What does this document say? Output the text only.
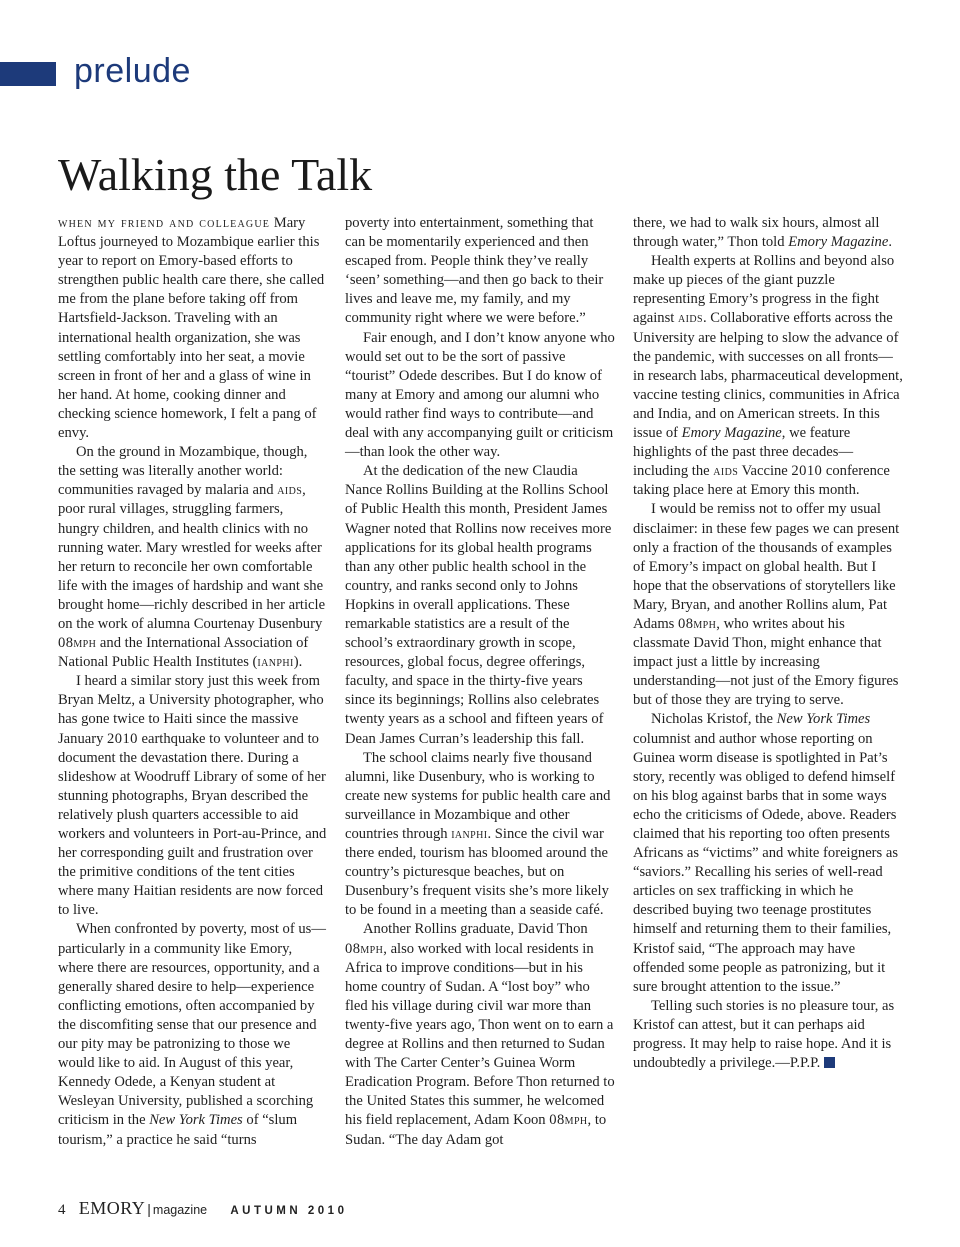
prelude
Walking the Talk

when my friend and colleague Mary Loftus journeyed to Mozambique earlier this year to report on Emory-based efforts to strengthen public health care there, she called me from the plane before taking off from Hartsfield-Jackson. Traveling with an international health organization, she was settling comfortably into her seat, a movie screen in front of her and a glass of wine in her hand. At home, cooking dinner and checking science homework, I felt a pang of envy.

On the ground in Mozambique, though, the setting was literally another world: communities ravaged by malaria and aids, poor rural villages, struggling farmers, hungry children, and health clinics with no running water. Mary wrestled for weeks after her return to reconcile her own comfortable life with the images of hardship and want she brought home—richly described in her article on the work of alumna Courtenay Dusenbury 08mph and the International Association of National Public Health Institutes (ianphi).

I heard a similar story just this week from Bryan Meltz, a University photographer, who has gone twice to Haiti since the massive January 2010 earthquake to volunteer and to document the devastation there. During a slideshow at Woodruff Library of some of her stunning photographs, Bryan described the relatively plush quarters accessible to aid workers and volunteers in Port-au-Prince, and her corresponding guilt and frustration over the primitive conditions of the tent cities where many Haitian residents are now forced to live.

When confronted by poverty, most of us—particularly in a community like Emory, where there are resources, opportunity, and a generally shared desire to help—experience conflicting emotions, often accompanied by the discomfiting sense that our presence and our pity may be patronizing to those we would like to aid. In August of this year, Kennedy Odede, a Kenyan student at Wesleyan University, published a scorching criticism in the New York Times of “slum tourism,” a practice he said “turns

poverty into entertainment, something that can be momentarily experienced and then escaped from. People think they’ve really ‘seen’ something—and then go back to their lives and leave me, my family, and my community right where we were before.”

Fair enough, and I don’t know anyone who would set out to be the sort of passive “tourist” Odede describes. But I do know of many at Emory and among our alumni who would rather find ways to contribute—and deal with any accompanying guilt or criticism—than look the other way.

At the dedication of the new Claudia Nance Rollins Building at the Rollins School of Public Health this month, President James Wagner noted that Rollins now receives more applications for its global health programs than any other public health school in the country, and ranks second only to Johns Hopkins in overall applications. These remarkable statistics are a result of the school’s extraordinary growth in scope, resources, global focus, degree offerings, faculty, and space in the thirty-five years since its beginnings; Rollins also celebrates twenty years as a school and fifteen years of Dean James Curran’s leadership this fall.

The school claims nearly five thousand alumni, like Dusenbury, who is working to create new systems for public health care and surveillance in Mozambique and other countries through ianphi. Since the civil war there ended, tourism has bloomed around the country’s picturesque beaches, but on Dusenbury’s frequent visits she’s more likely to be found in a meeting than a seaside café.

Another Rollins graduate, David Thon 08mph, also worked with local residents in Africa to improve conditions—but in his home country of Sudan. A “lost boy” who fled his village during civil war more than twenty-five years ago, Thon went on to earn a degree at Rollins and then returned to Sudan with The Carter Center’s Guinea Worm Eradication Program. Before Thon returned to the United States this summer, he welcomed his field replacement, Adam Koon 08mph, to Sudan. “The day Adam got

there, we had to walk six hours, almost all through water,” Thon told Emory Magazine.

Health experts at Rollins and beyond also make up pieces of the giant puzzle representing Emory’s progress in the fight against aids. Collaborative efforts across the University are helping to slow the advance of the pandemic, with successes on all fronts—in research labs, pharmaceutical development, vaccine testing clinics, communities in Africa and India, and on American streets. In this issue of Emory Magazine, we feature highlights of the past three decades—including the aids Vaccine 2010 conference taking place here at Emory this month.

I would be remiss not to offer my usual disclaimer: in these few pages we can present only a fraction of the thousands of examples of Emory’s impact on global health. But I hope that the observations of storytellers like Mary, Bryan, and another Rollins alum, Pat Adams 08mph, who writes about his classmate David Thon, might enhance that impact just a little by increasing understanding—not just of the Emory figures but of those they are trying to serve.

Nicholas Kristof, the New York Times columnist and author whose reporting on Guinea worm disease is spotlighted in Pat’s story, recently was obliged to defend himself on his blog against barbs that in some ways echo the criticisms of Odede, above. Readers claimed that his reporting too often presents Africans as “victims” and white foreigners as “saviors.” Recalling his series of well-read articles on sex trafficking in which he described buying two teenage prostitutes himself and returning them to their families, Kristof said, “The approach may have offended some people as patronizing, but it sure brought attention to the issue.”

Telling such stories is no pleasure tour, as Kristof can attest, but it can perhaps aid progress. It may help to raise hope. And it is undoubtedly a privilege.—P.P.P.

4 EMORY | magazine AUTUMN 2010
